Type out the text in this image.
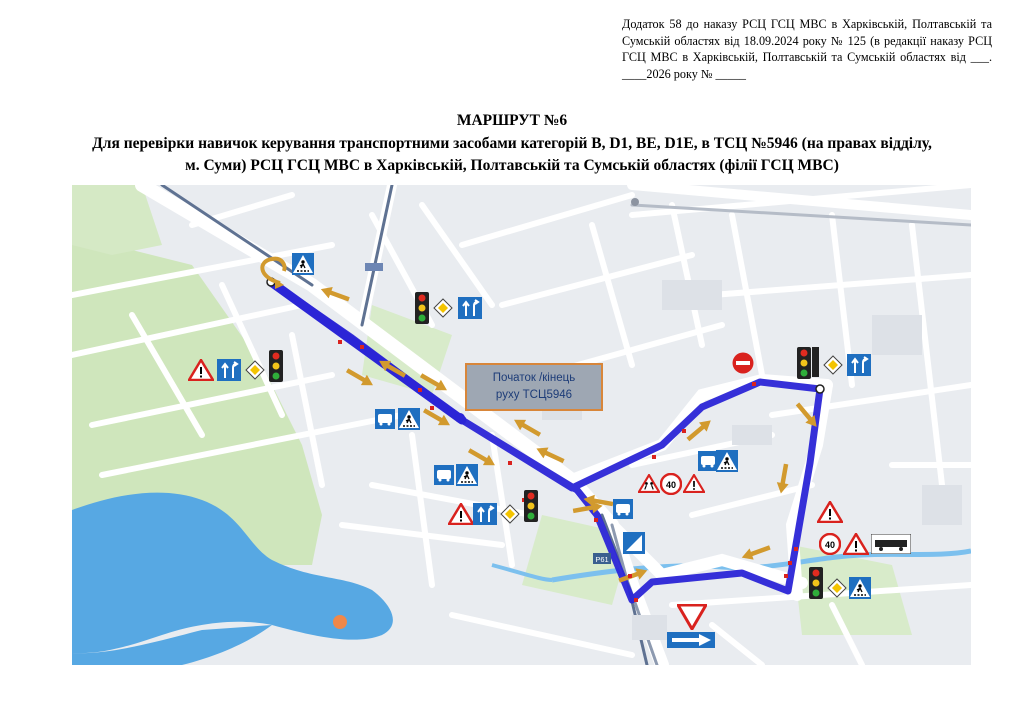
Додаток 58 до наказу РСЦ ГСЦ МВС в Харківській, Полтавській та Сумській областях від 18.09.2024 року № 125 (в редакції наказу РСЦ ГСЦ МВС в Харківській, Полтавській та Сумській областях від ___. ____2026 року № _____
МАРШРУТ №6
Для перевірки навичок керування транспортними засобами категорій В, D1, ВЕ, D1Е, в ТСЦ №5946 (на правах відділу,
м. Суми) РСЦ ГСЦ МВС в Харківській, Полтавській та Сумській областях (філії ГСЦ МВС)
Р61
40
40
Початок /кінець
руху ТСЦ5946
